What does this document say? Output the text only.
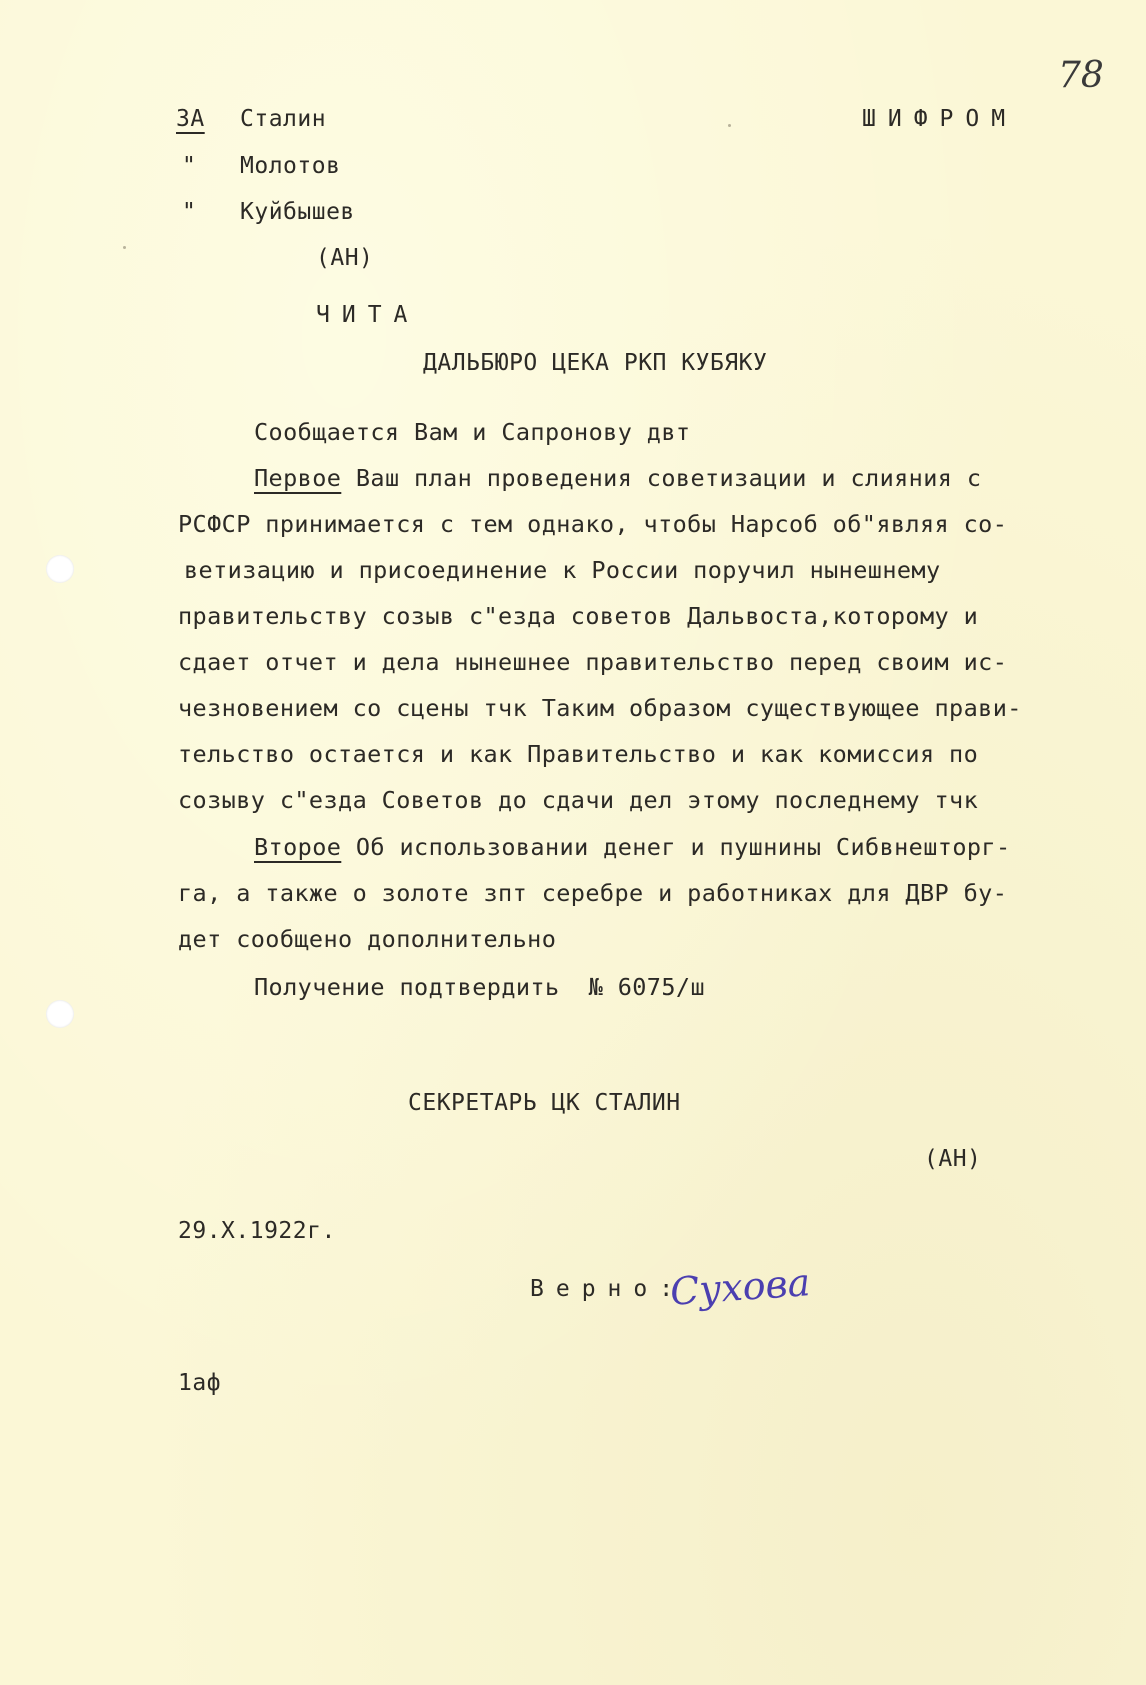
78
ЗА Сталин	ШИФРОМ
" Молотов
" Куйбышев
(АН)
ЧИТА
ДАЛЬБЮРО ЦЕКА РКП КУБЯКУ
Сообщается Вам и Сапронову двт
Первое Ваш план проведения советизации и слияния с
РСФСР принимается с тем однако, чтобы Нарсоб об"являя со-
ветизацию и присоединение к России поручил нынешнему
правительству созыв с"езда советов Дальвоста,которому и
сдает отчет и дела нынешнее правительство перед своим ис-
чезновением со сцены тчк Таким образом существующее прави-
тельство остается и как Правительство и как комиссия по
созыву с"езда Советов до сдачи дел этому последнему тчк
Второе Об использовании денег и пушнины Сибвнешторг-
га, а также о золоте зпт серебре и работниках для ДВР бу-
дет сообщено дополнительно
Получение подтвердить  № 6075/ш
СЕКРЕТАРЬ ЦК СТАЛИН
(АН)
29.Х.1922г.
Верно:
Сухова
1аф
